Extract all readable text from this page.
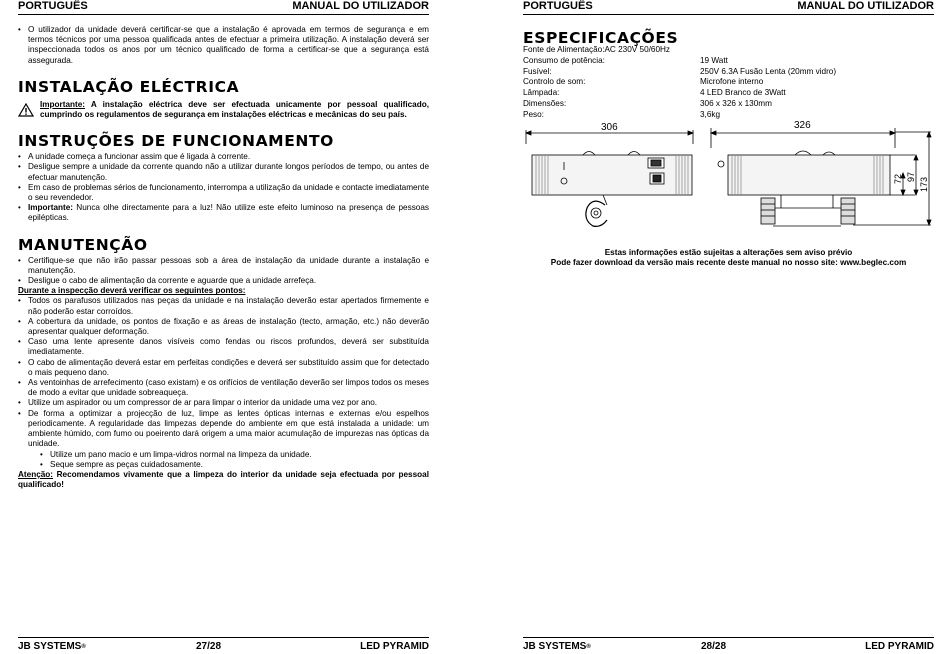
PORTUGUÊS	MANUAL DO UTILIZADOR
• O utilizador da unidade deverá certificar-se que a instalação é aprovada em termos de segurança e em termos técnicos por uma pessoa qualificada antes de efectuar a primeira utilização. A instalação deverá ser inspeccionada todos os anos por um técnico qualificado de forma a certificar-se que a segurança está assegurada.
INSTALAÇÃO ELÉCTRICA
Importante: A instalação eléctrica deve ser efectuada unicamente por pessoal qualificado, cumprindo os regulamentos de segurança em instalações eléctricas e mecânicas do seu país.
INSTRUÇÕES DE FUNCIONAMENTO
• A unidade começa a funcionar assim que é ligada à corrente.
• Desligue sempre a unidade da corrente quando não a utilizar durante longos períodos de tempo, ou antes de efectuar manutenção.
• Em caso de problemas sérios de funcionamento, interrompa a utilização da unidade e contacte imediatamente o seu revendedor.
• Importante: Nunca olhe directamente para a luz! Não utilize este efeito luminoso na presença de pessoas epilépticas.
MANUTENÇÃO
• Certifique-se que não irão passar pessoas sob a área de instalação da unidade durante a instalação e manutenção.
• Desligue o cabo de alimentação da corrente e aguarde que a unidade arrefeça.
Durante a inspecção deverá verificar os seguintes pontos:
• Todos os parafusos utilizados nas peças da unidade e na instalação deverão estar apertados firmemente e não poderão estar corroídos.
• A cobertura da unidade, os pontos de fixação e as áreas de instalação (tecto, armação, etc.) não deverão apresentar qualquer deformação.
• Caso uma lente apresente danos visíveis como fendas ou riscos profundos, deverá ser substituída imediatamente.
• O cabo de alimentação deverá estar em perfeitas condições e deverá ser substituído assim que for detectado o mais pequeno dano.
• As ventoinhas de arrefecimento (caso existam) e os orifícios de ventilação deverão ser limpos todos os meses de modo a evitar que unidade sobreaqueça.
• Utilize um aspirador ou um compressor de ar para limpar o interior da unidade uma vez por ano.
• De forma a optimizar a projecção de luz, limpe as lentes ópticas internas e externas e/ou espelhos periodicamente. A regularidade das limpezas depende do ambiente em que está instalada a unidade: um ambiente húmido, com fumo ou poeirento dará origem a uma maior acumulação de impurezas nas ópticas da unidade.
• Utilize um pano macio e um limpa-vidros normal na limpeza da unidade.
• Seque sempre as peças cuidadosamente.
Atenção: Recomendamos vivamente que a limpeza do interior da unidade seja efectuada por pessoal qualificado!
JB SYSTEMS®	27/28	LED PYRAMID
PORTUGUÊS	MANUAL DO UTILIZADOR
ESPECIFICAÇÕES
Fonte de Alimentação:AC 230V 50/60Hz
Consumo de potência:	19 Watt
Fusível:	250V 6.3A Fusão Lenta (20mm vidro)
Controlo de som:	Microfone interno
Lâmpada:	4 LED Branco de 3Watt
Dimensões:	306 x 326 x 130mm
Peso:	3,6kg
306	326
72 97 173
Estas informações estão sujeitas a alterações sem aviso prévio
Pode fazer download da versão mais recente deste manual no nosso site: www.beglec.com
JB SYSTEMS®	28/28	LED PYRAMID
